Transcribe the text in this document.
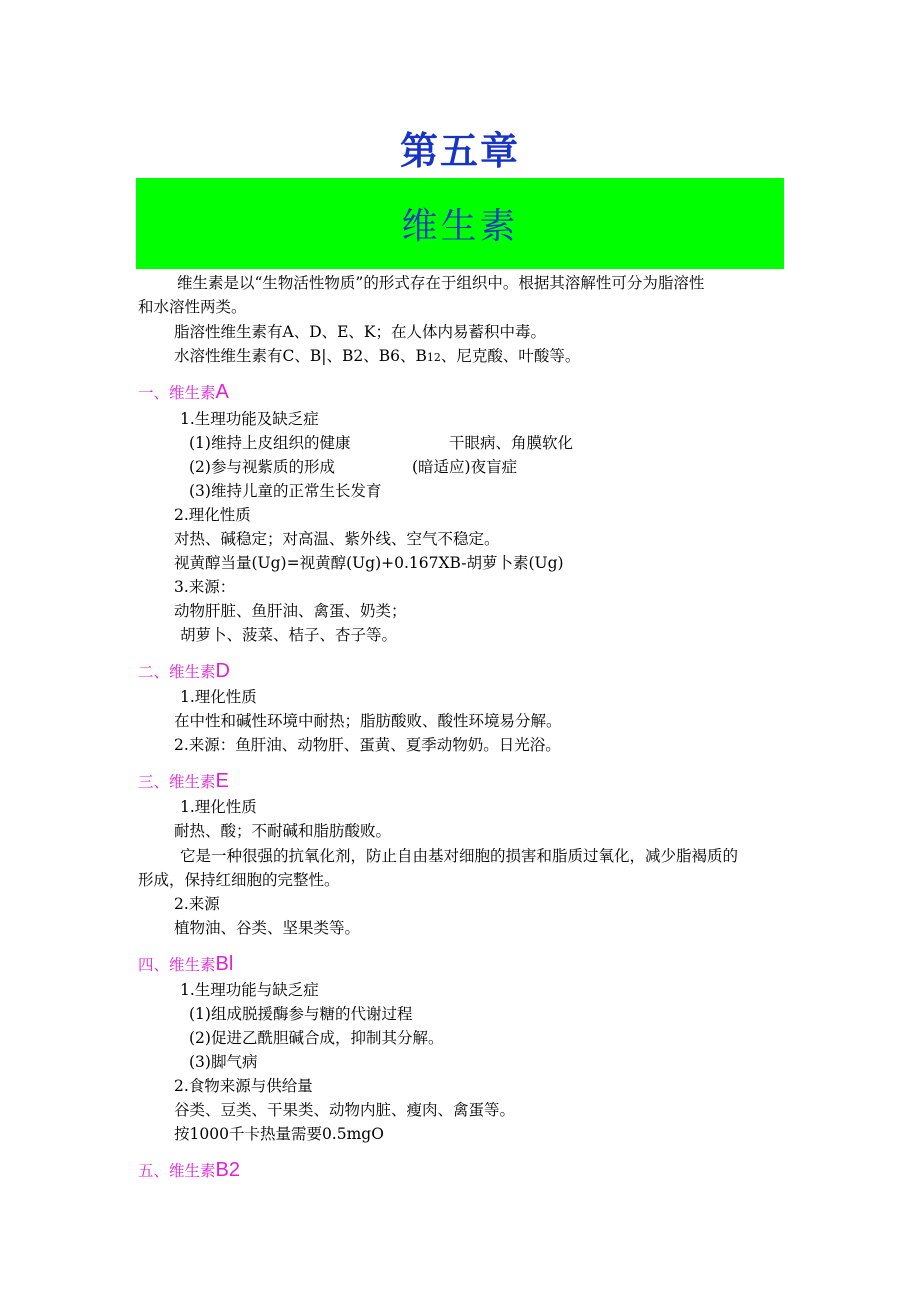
第五章
维生素
维生素是以“生物活性物质”的形式存在于组织中。根据其溶解性可分为脂溶性
和水溶性两类。
脂溶性维生素有A、D、E、K；在人体内易蓄积中毒。
水溶性维生素有C、B|、B2、B6、B12、尼克酸、叶酸等。
一、维生素A
1.生理功能及缺乏症
(1)维持上皮组织的健康	干眼病、角膜软化
(2)参与视紫质的形成	(暗适应)夜盲症
(3)维持儿童的正常生长发育
2.理化性质
对热、碱稳定；对高温、紫外线、空气不稳定。
视黄醇当量(Ug)=视黄醇(Ug)+0.167XB-胡萝卜素(Ug)
3.来源：
动物肝脏、鱼肝油、禽蛋、奶类；
胡萝卜、菠菜、桔子、杏子等。
二、维生素D
1.理化性质
在中性和碱性环境中耐热；脂肪酸败、酸性环境易分解。
2.来源：鱼肝油、动物肝、蛋黄、夏季动物奶。日光浴。
三、维生素E
1.理化性质
耐热、酸；不耐碱和脂肪酸败。
它是一种很强的抗氧化剂，防止自由基对细胞的损害和脂质过氧化，减少脂褐质的
形成，保持红细胞的完整性。
2.来源
植物油、谷类、坚果类等。
四、维生素Bl
1.生理功能与缺乏症
(1)组成脱援酶参与糖的代谢过程
(2)促进乙酰胆碱合成，抑制其分解。
(3)脚气病
2.食物来源与供给量
谷类、豆类、干果类、动物内脏、瘦肉、禽蛋等。
按1000千卡热量需要0.5mgO
五、维生素B2
